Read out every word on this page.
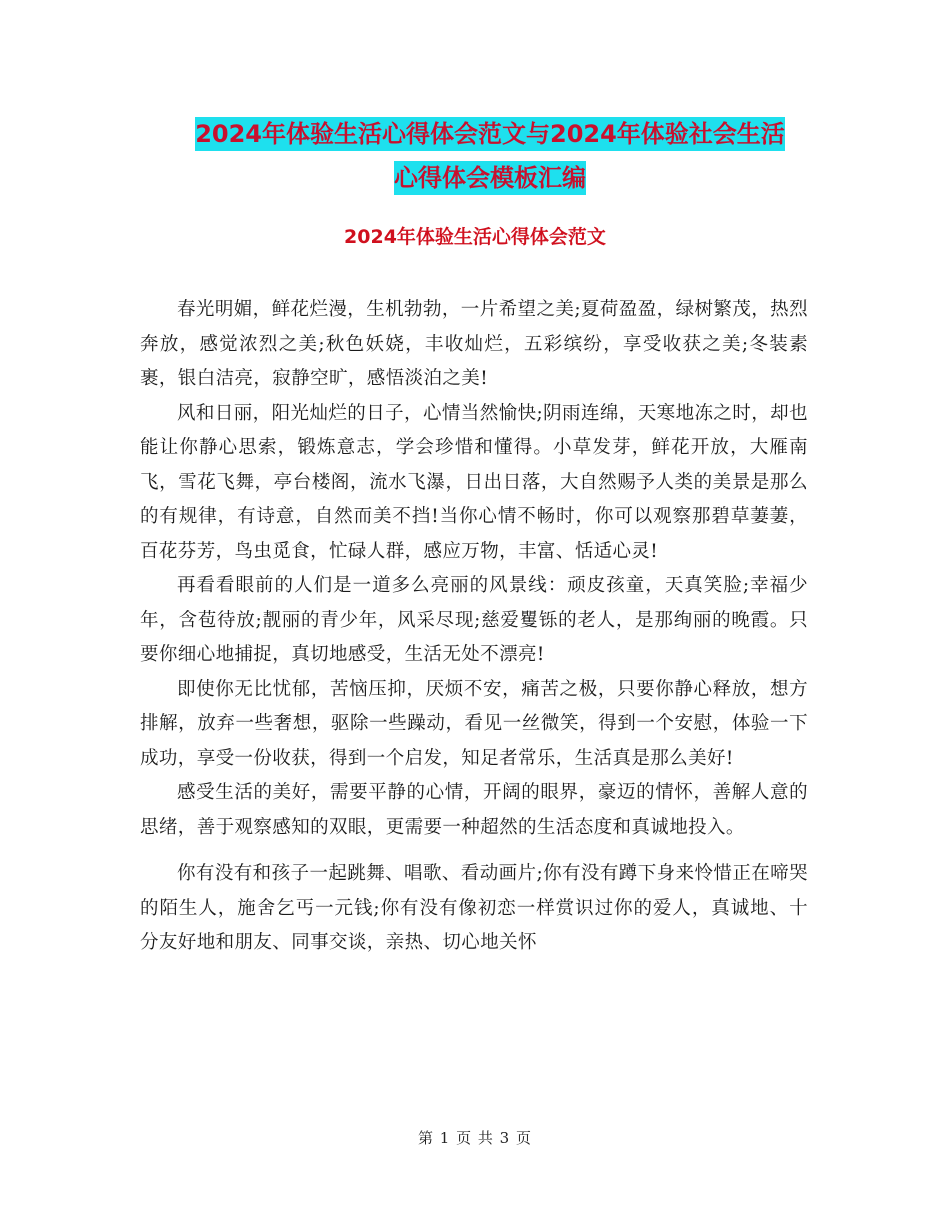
2024年体验生活心得体会范文与2024年体验社会生活
心得体会模板汇编
2024年体验生活心得体会范文

春光明媚，鲜花烂漫，生机勃勃，一片希望之美;夏荷盈盈，绿树繁茂，热烈奔放，感觉浓烈之美;秋色妖娆，丰收灿烂，五彩缤纷，享受收获之美;冬装素裹，银白洁亮，寂静空旷，感悟淡泊之美!

风和日丽，阳光灿烂的日子，心情当然愉快;阴雨连绵，天寒地冻之时，却也能让你静心思索，锻炼意志，学会珍惜和懂得。小草发芽，鲜花开放，大雁南飞，雪花飞舞，亭台楼阁，流水飞瀑，日出日落，大自然赐予人类的美景是那么的有规律，有诗意，自然而美不挡!当你心情不畅时，你可以观察那碧草萋萋，百花芬芳，鸟虫觅食，忙碌人群，感应万物，丰富、恬适心灵!

再看看眼前的人们是一道多么亮丽的风景线：顽皮孩童，天真笑脸;幸福少年，含苞待放;靓丽的青少年，风采尽现;慈爱矍铄的老人，是那绚丽的晚霞。只要你细心地捕捉，真切地感受，生活无处不漂亮!

即使你无比忧郁，苦恼压抑，厌烦不安，痛苦之极，只要你静心释放，想方排解，放弃一些奢想，驱除一些躁动，看见一丝微笑，得到一个安慰，体验一下成功，享受一份收获，得到一个启发，知足者常乐，生活真是那么美好!

感受生活的美好，需要平静的心情，开阔的眼界，豪迈的情怀，善解人意的思绪，善于观察感知的双眼，更需要一种超然的生活态度和真诚地投入。

你有没有和孩子一起跳舞、唱歌、看动画片;你有没有蹲下身来怜惜正在啼哭的陌生人，施舍乞丐一元钱;你有没有像初恋一样赏识过你的爱人，真诚地、十分友好地和朋友、同事交谈，亲热、切心地关怀

第 1 页 共 3 页
